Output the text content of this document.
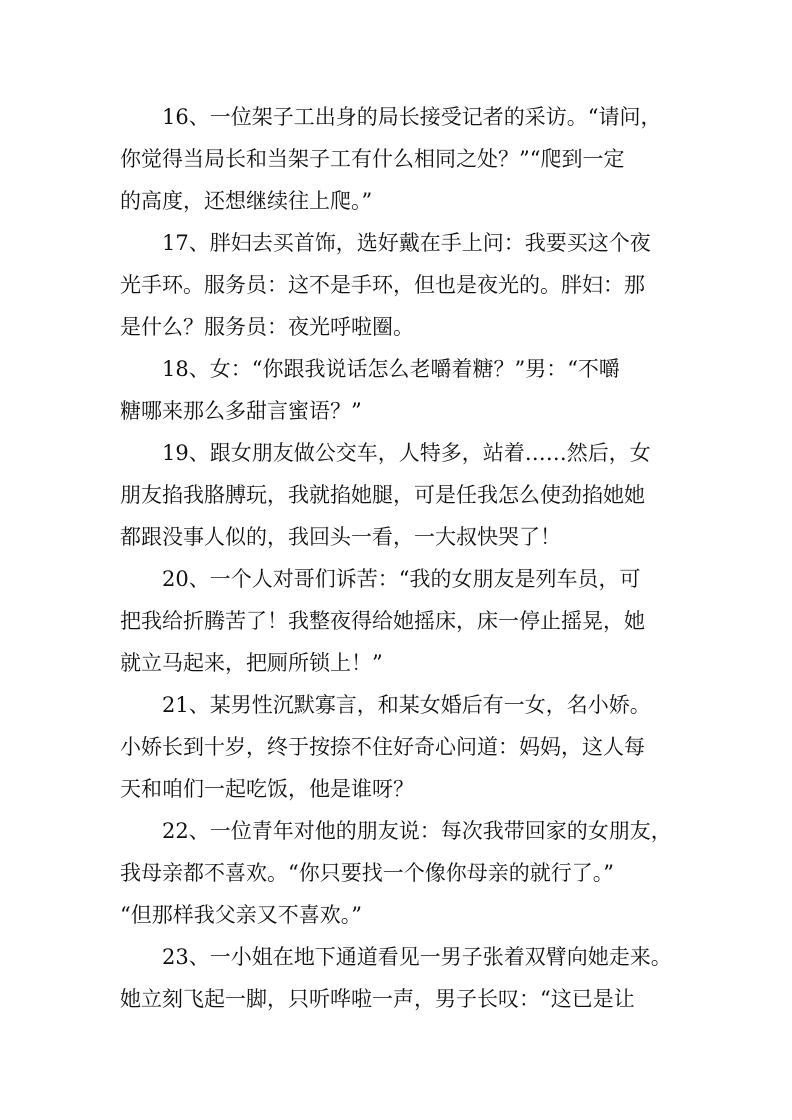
16、一位架子工出身的局长接受记者的采访。“请问，

你觉得当局长和当架子工有什么相同之处？”“爬到一定

的高度，还想继续往上爬。”

17、胖妇去买首饰，选好戴在手上问：我要买这个夜

光手环。服务员：这不是手环，但也是夜光的。胖妇：那

是什么？服务员：夜光呼啦圈。

18、女：“你跟我说话怎么老嚼着糖？”男：“不嚼

糖哪来那么多甜言蜜语？”

19、跟女朋友做公交车，人特多，站着……然后，女

朋友掐我胳膊玩，我就掐她腿，可是任我怎么使劲掐她她

都跟没事人似的，我回头一看，一大叔快哭了！

20、一个人对哥们诉苦：“我的女朋友是列车员，可

把我给折腾苦了！我整夜得给她摇床，床一停止摇晃，她

就立马起来，把厕所锁上！”

21、某男性沉默寡言，和某女婚后有一女，名小娇。

小娇长到十岁，终于按捺不住好奇心问道：妈妈，这人每

天和咱们一起吃饭，他是谁呀？

22、一位青年对他的朋友说：每次我带回家的女朋友，

我母亲都不喜欢。“你只要找一个像你母亲的就行了。”

“但那样我父亲又不喜欢。”

23、一小姐在地下通道看见一男子张着双臂向她走来。

她立刻飞起一脚，只听哗啦一声，男子长叹：“这已是让
